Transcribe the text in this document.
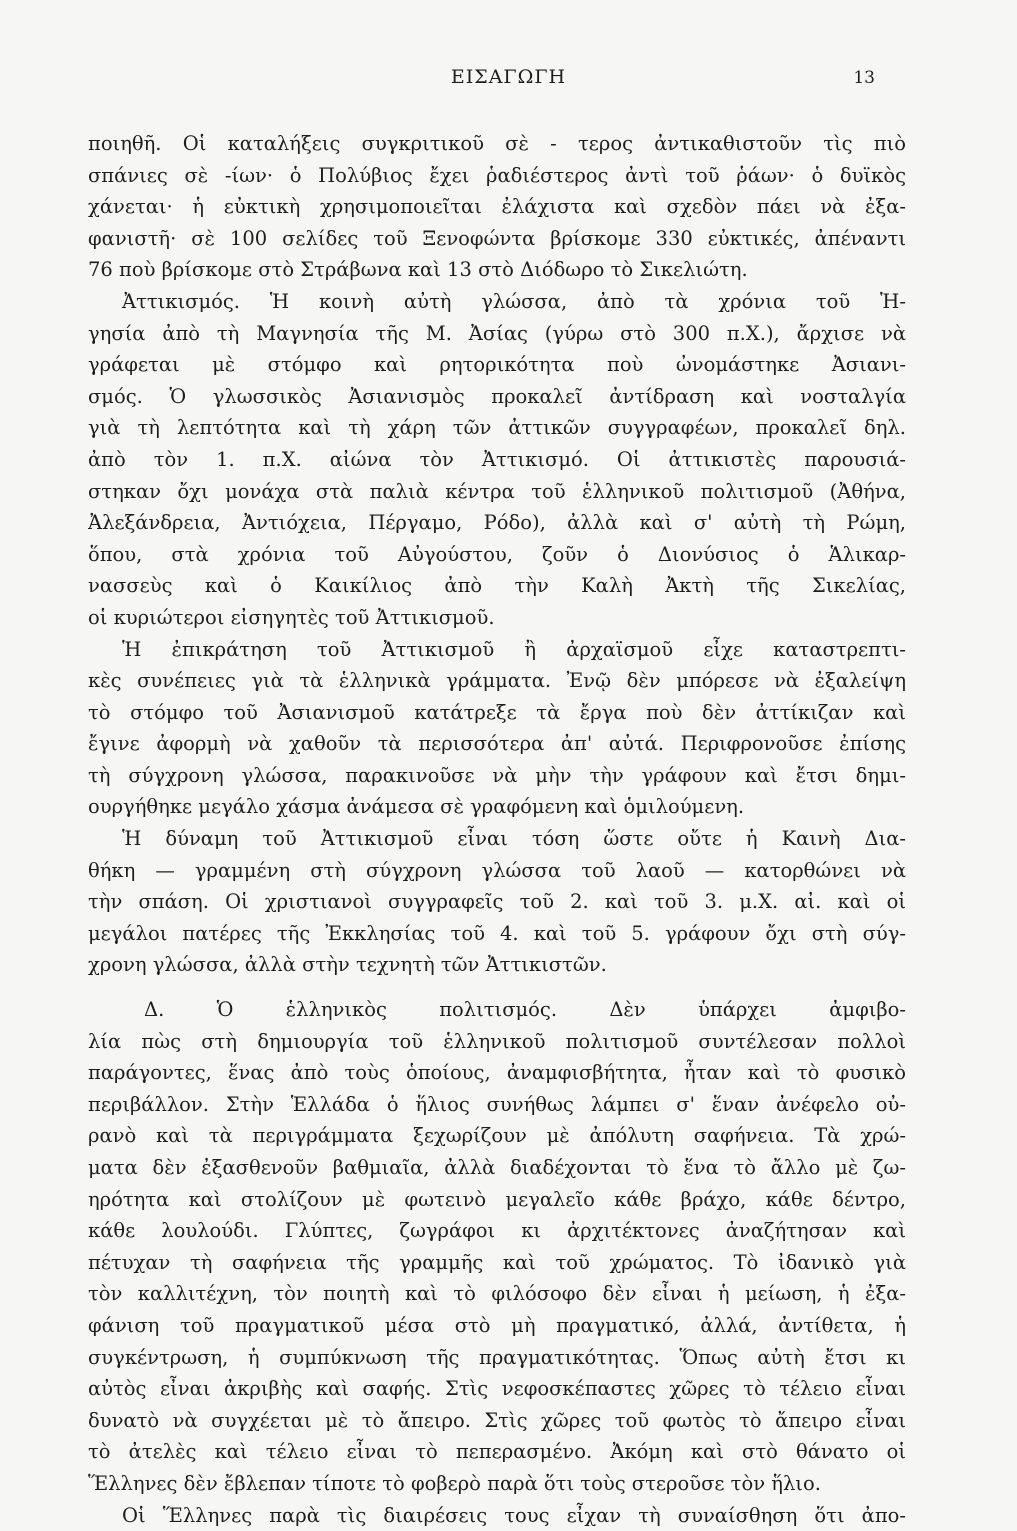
ΕΙΣΑΓΩΓΗ	13
ποιηθῆ. Οἱ καταλήξεις συγκριτικοῦ σὲ - τερος ἀντικαθιστοῦν τὶς πιὸ
σπάνιες σὲ -ίων· ὁ Πολύβιος ἔχει ῥαδιέστερος ἀντὶ τοῦ ῥάων· ὁ δυϊκὸς
χάνεται· ἡ εὐκτικὴ χρησιμοποιεῖται ἐλάχιστα καὶ σχεδὸν πάει νὰ ἐξα-
φανιστῆ· σὲ 100 σελίδες τοῦ Ξενοφώντα βρίσκομε 330 εὐκτικές, ἀπέναντι
76 ποὺ βρίσκομε στὸ Στράβωνα καὶ 13 στὸ Διόδωρο τὸ Σικελιώτη.
Ἀττικισμός. Ἡ κοινὴ αὐτὴ γλώσσα, ἀπὸ τὰ χρόνια τοῦ Ἡ-
γησία ἀπὸ τὴ Μαγνησία τῆς Μ. Ἀσίας (γύρω στὸ 300 π.Χ.), ἄρχισε νὰ
γράφεται μὲ στόμφο καὶ ρητορικότητα ποὺ ὠνομάστηκε Ἀσιανι-
σμός. Ὁ γλωσσικὸς Ἀσιανισμὸς προκαλεῖ ἀντίδραση καὶ νοσταλγία
γιὰ τὴ λεπτότητα καὶ τὴ χάρη τῶν ἀττικῶν συγγραφέων, προκαλεῖ δηλ.
ἀπὸ τὸν 1. π.Χ. αἰώνα τὸν Ἀττικισμό. Οἱ ἀττικιστὲς παρουσιά-
στηκαν ὄχι μονάχα στὰ παλιὰ κέντρα τοῦ ἑλληνικοῦ πολιτισμοῦ (Ἀθήνα,
Ἀλεξάνδρεια, Ἀντιόχεια, Πέργαμο, Ρόδο), ἀλλὰ καὶ σ' αὐτὴ τὴ Ρώμη,
ὅπου, στὰ χρόνια τοῦ Αὐγούστου, ζοῦν ὁ Διονύσιος ὁ Ἁλικαρ-
νασσεὺς καὶ ὁ Καικίλιος ἀπὸ τὴν Καλὴ Ἀκτὴ τῆς Σικελίας,
οἱ κυριώτεροι εἰσηγητὲς τοῦ Ἀττικισμοῦ.
Ἡ ἐπικράτηση τοῦ Ἀττικισμοῦ ἢ ἀρχαϊσμοῦ εἶχε καταστρεπτι-
κὲς συνέπειες γιὰ τὰ ἑλληνικὰ γράμματα. Ἐνῷ δὲν μπόρεσε νὰ ἐξαλείψη
τὸ στόμφο τοῦ Ἀσιανισμοῦ κατάτρεξε τὰ ἔργα ποὺ δὲν ἀττίκιζαν καὶ
ἔγινε ἀφορμὴ νὰ χαθοῦν τὰ περισσότερα ἀπ' αὐτά. Περιφρονοῦσε ἐπίσης
τὴ σύγχρονη γλώσσα, παρακινοῦσε νὰ μὴν τὴν γράφουν καὶ ἔτσι δημι-
ουργήθηκε μεγάλο χάσμα ἀνάμεσα σὲ γραφόμενη καὶ ὁμιλούμενη.
Ἡ δύναμη τοῦ Ἀττικισμοῦ εἶναι τόση ὥστε οὔτε ἡ Καινὴ Δια-
θήκη — γραμμένη στὴ σύγχρονη γλώσσα τοῦ λαοῦ — κατορθώνει νὰ
τὴν σπάση. Οἱ χριστιανοὶ συγγραφεῖς τοῦ 2. καὶ τοῦ 3. μ.Χ. αἰ. καὶ οἱ
μεγάλοι πατέρες τῆς Ἐκκλησίας τοῦ 4. καὶ τοῦ 5. γράφουν ὄχι στὴ σύγ-
χρονη γλώσσα, ἀλλὰ στὴν τεχνητὴ τῶν Ἀττικιστῶν.
Δ. Ὁ ἑλληνικὸς πολιτισμός. Δὲν ὑπάρχει ἀμφιβο-
λία πὼς στὴ δημιουργία τοῦ ἑλληνικοῦ πολιτισμοῦ συντέλεσαν πολλοὶ
παράγοντες, ἕνας ἀπὸ τοὺς ὁποίους, ἀναμφισβήτητα, ἦταν καὶ τὸ φυσικὸ
περιβάλλον. Στὴν Ἑλλάδα ὁ ἥλιος συνήθως λάμπει σ' ἕναν ἀνέφελο οὐ-
ρανὸ καὶ τὰ περιγράμματα ξεχωρίζουν μὲ ἀπόλυτη σαφήνεια. Τὰ χρώ-
ματα δὲν ἐξασθενοῦν βαθμιαῖα, ἀλλὰ διαδέχονται τὸ ἕνα τὸ ἄλλο μὲ ζω-
ηρότητα καὶ στολίζουν μὲ φωτεινὸ μεγαλεῖο κάθε βράχο, κάθε δέντρο,
κάθε λουλούδι. Γλύπτες, ζωγράφοι κι ἀρχιτέκτονες ἀναζήτησαν καὶ
πέτυχαν τὴ σαφήνεια τῆς γραμμῆς καὶ τοῦ χρώματος. Τὸ ἰδανικὸ γιὰ
τὸν καλλιτέχνη, τὸν ποιητὴ καὶ τὸ φιλόσοφο δὲν εἶναι ἡ μείωση, ἡ ἐξα-
φάνιση τοῦ πραγματικοῦ μέσα στὸ μὴ πραγματικό, ἀλλά, ἀντίθετα, ἡ
συγκέντρωση, ἡ συμπύκνωση τῆς πραγματικότητας. Ὅπως αὐτὴ ἔτσι κι
αὐτὸς εἶναι ἀκριβὴς καὶ σαφής. Στὶς νεφοσκέπαστες χῶρες τὸ τέλειο εἶναι
δυνατὸ νὰ συγχέεται μὲ τὸ ἄπειρο. Στὶς χῶρες τοῦ φωτὸς τὸ ἄπειρο εἶναι
τὸ ἀτελὲς καὶ τέλειο εἶναι τὸ πεπερασμένο. Ἀκόμη καὶ στὸ θάνατο οἱ
Ἕλληνες δὲν ἔβλεπαν τίποτε τὸ φοβερὸ παρὰ ὅτι τοὺς στεροῦσε τὸν ἥλιο.
Οἱ Ἕλληνες παρὰ τὶς διαιρέσεις τους εἶχαν τὴ συναίσθηση ὅτι ἀπο-
